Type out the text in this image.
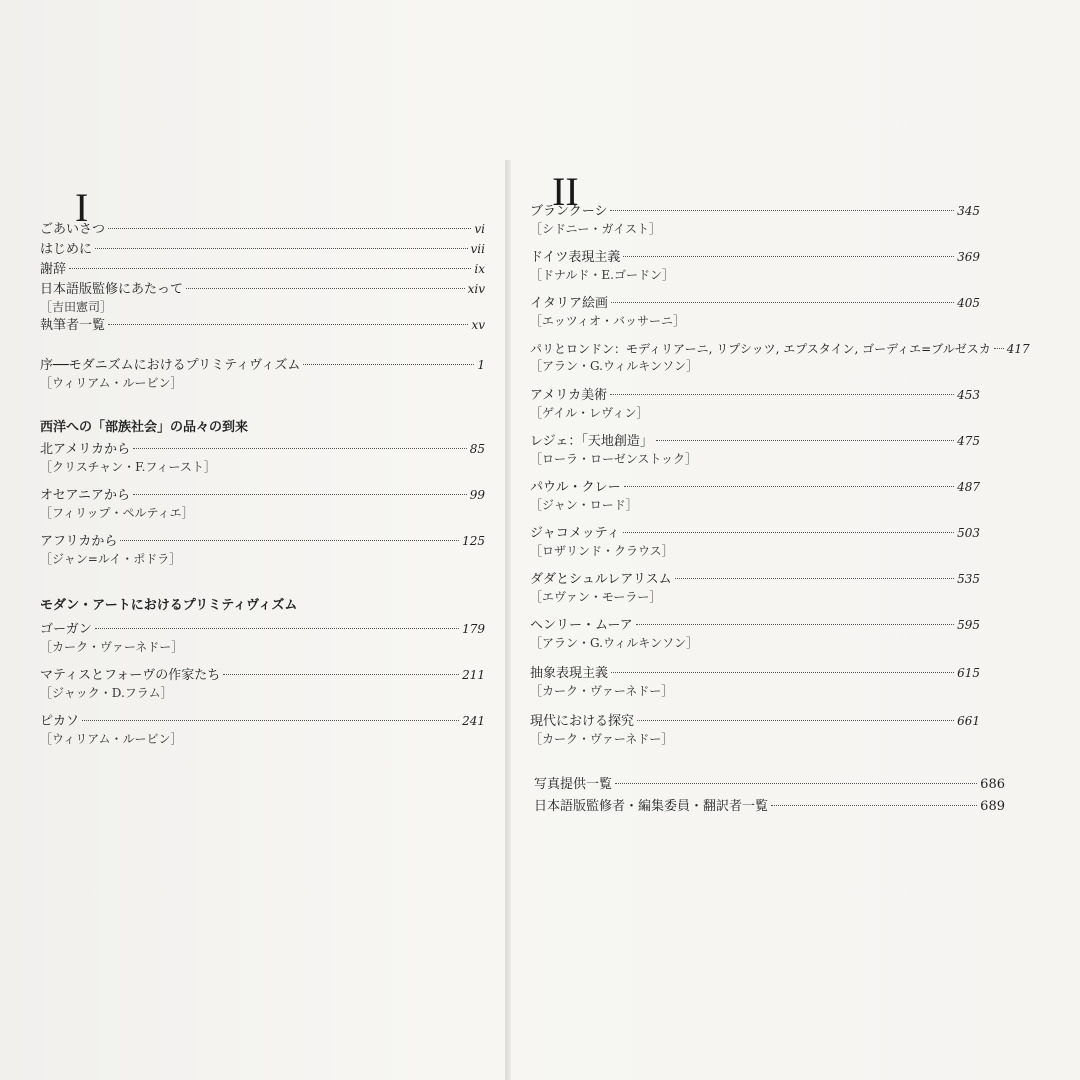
I
ごあいさつ	vi
はじめに	vii
謝辞	ix
日本語版監修にあたって	xiv
［吉田憲司］
執筆者一覧	xv
序──モダニズムにおけるプリミティヴィズム	1
［ウィリアム・ルービン］
西洋への「部族社会」の品々の到来
北アメリカから	85
［クリスチャン・F.フィースト］
オセアニアから	99
［フィリップ・ペルティエ］
アフリカから	125
［ジャン=ルイ・ポドラ］
モダン・アートにおけるプリミティヴィズム
ゴーガン	179
［カーク・ヴァーネドー］
マティスとフォーヴの作家たち	211
［ジャック・D.フラム］
ピカソ	241
［ウィリアム・ルービン］
II
ブランクーシ	345
［シドニー・ガイスト］
ドイツ表現主義	369
［ドナルド・E.ゴードン］
イタリア絵画	405
［エッツィオ・バッサーニ］
パリとロンドン：モディリアーニ, リプシッツ, エプスタイン, ゴーディエ=ブルゼスカ 417
［アラン・G.ウィルキンソン］
アメリカ美術	453
［ゲイル・レヴィン］
レジェ：「天地創造」	475
［ローラ・ローゼンストック］
パウル・クレー	487
［ジャン・ロード］
ジャコメッティ	503
［ロザリンド・クラウス］
ダダとシュルレアリスム	535
［エヴァン・モーラー］
ヘンリー・ムーア	595
［アラン・G.ウィルキンソン］
抽象表現主義	615
［カーク・ヴァーネドー］
現代における探究	661
［カーク・ヴァーネドー］
写真提供一覧	686
日本語版監修者・編集委員・翻訳者一覧	689
